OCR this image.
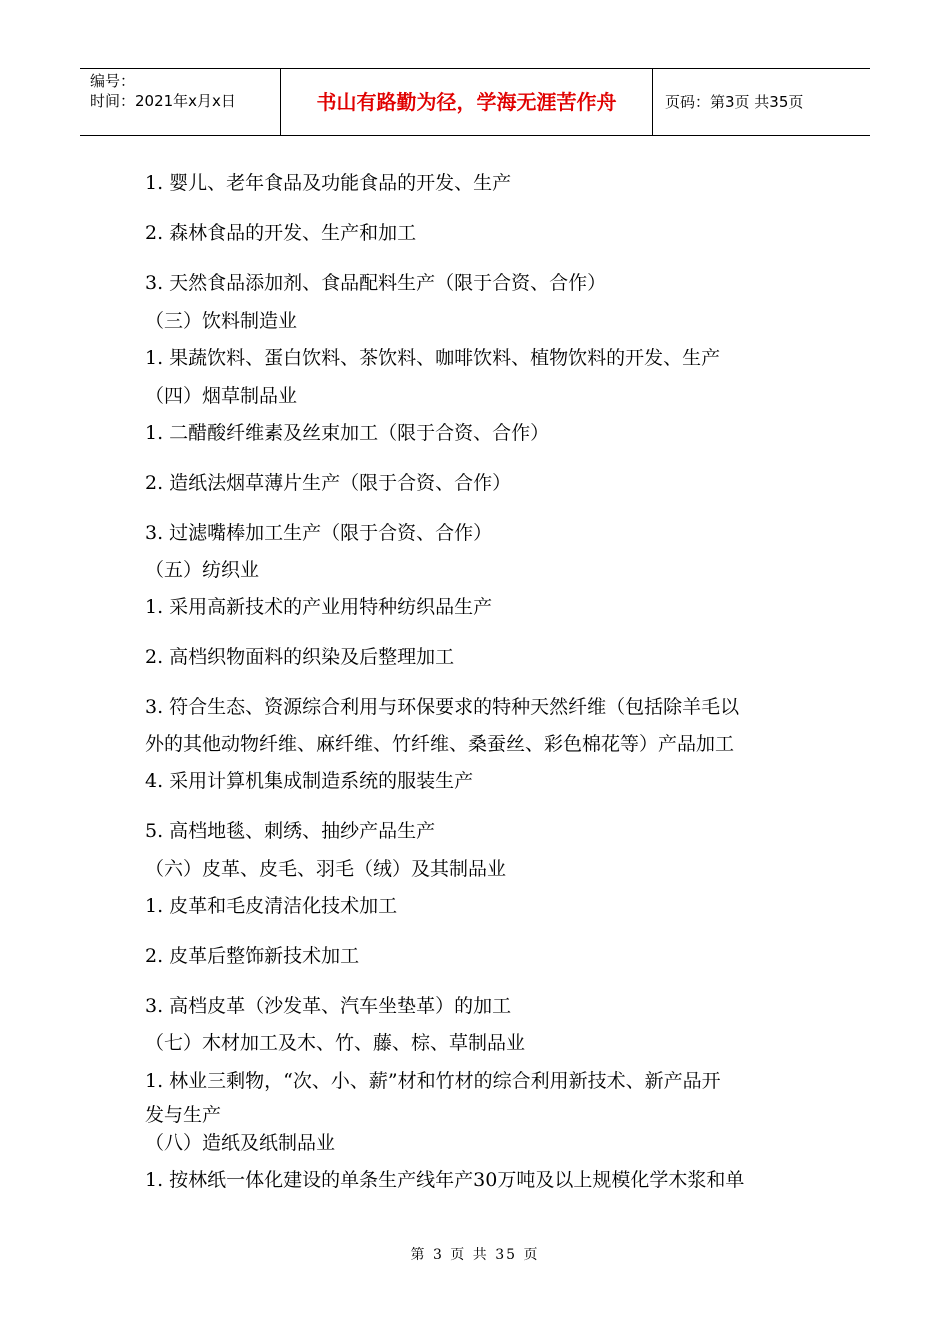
编号：
时间：2021年x月x日	书山有路勤为径，学海无涯苦作舟	页码：第3页 共35页
1. 婴儿、老年食品及功能食品的开发、生产
2. 森林食品的开发、生产和加工
3. 天然食品添加剂、食品配料生产（限于合资、合作）
（三）饮料制造业
1. 果蔬饮料、蛋白饮料、茶饮料、咖啡饮料、植物饮料的开发、生产
（四）烟草制品业
1. 二醋酸纤维素及丝束加工（限于合资、合作）
2. 造纸法烟草薄片生产（限于合资、合作）
3. 过滤嘴棒加工生产（限于合资、合作）
（五）纺织业
1. 采用高新技术的产业用特种纺织品生产
2. 高档织物面料的织染及后整理加工
3. 符合生态、资源综合利用与环保要求的特种天然纤维（包括除羊毛以
外的其他动物纤维、麻纤维、竹纤维、桑蚕丝、彩色棉花等）产品加工
4. 采用计算机集成制造系统的服装生产
5. 高档地毯、刺绣、抽纱产品生产
（六）皮革、皮毛、羽毛（绒）及其制品业
1. 皮革和毛皮清洁化技术加工
2. 皮革后整饰新技术加工
3. 高档皮革（沙发革、汽车坐垫革）的加工
（七）木材加工及木、竹、藤、棕、草制品业
1. 林业三剩物，“次、小、薪”材和竹材的综合利用新技术、新产品开
发与生产
（八）造纸及纸制品业
1. 按林纸一体化建设的单条生产线年产30万吨及以上规模化学木浆和单
第 3 页 共 35 页
